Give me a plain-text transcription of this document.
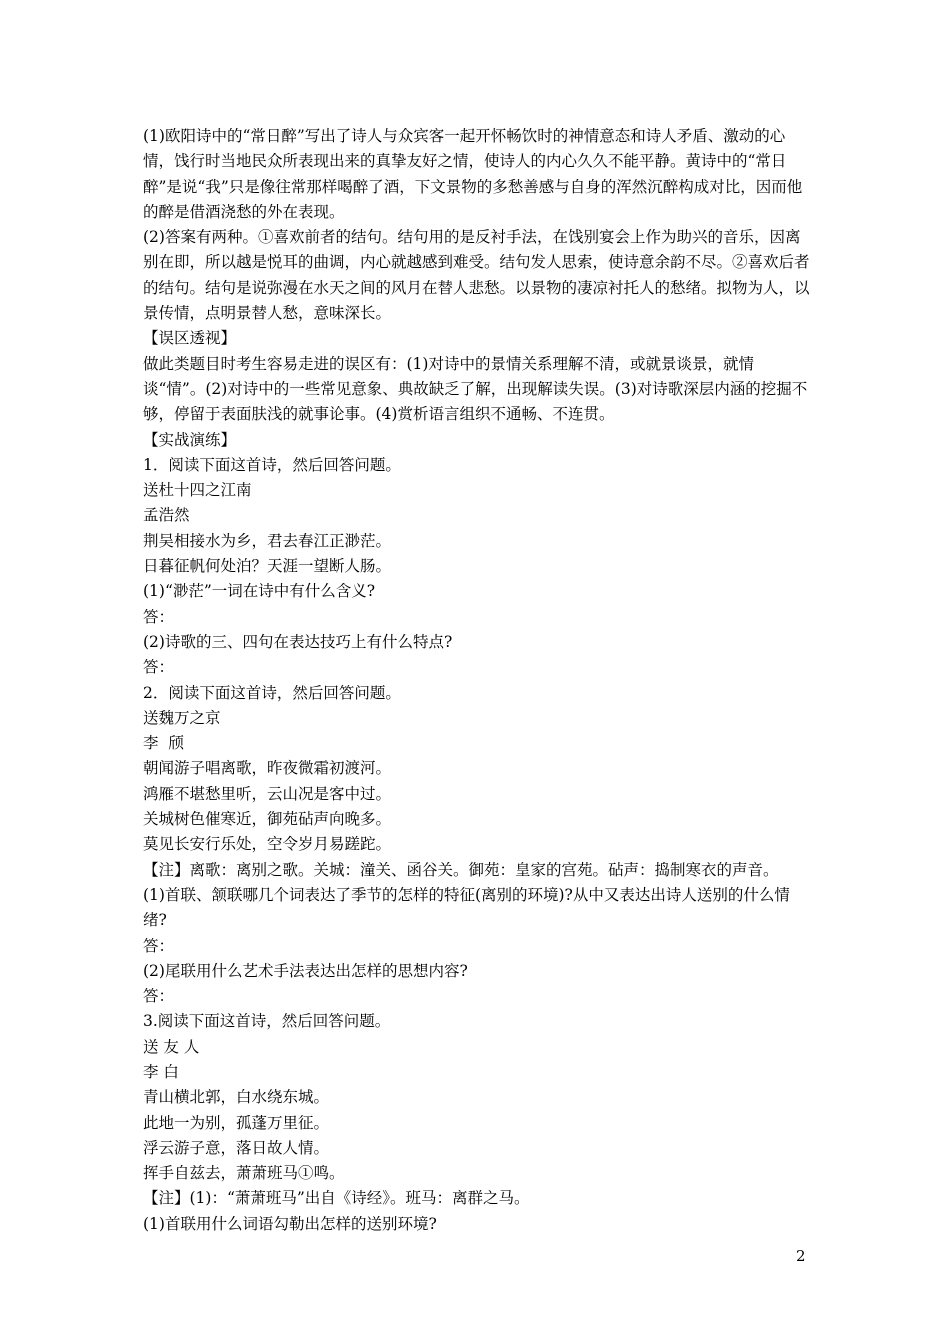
(1)欧阳诗中的“常日醉”写出了诗人与众宾客一起开怀畅饮时的神情意态和诗人矛盾、激动的心情，饯行时当地民众所表现出来的真挚友好之情，使诗人的内心久久不能平静。黄诗中的“常日醉”是说“我”只是像往常那样喝醉了酒，下文景物的多愁善感与自身的浑然沉醉构成对比，因而他的醉是借酒浇愁的外在表现。

(2)答案有两种。①喜欢前者的结句。结句用的是反衬手法，在饯别宴会上作为助兴的音乐，因离别在即，所以越是悦耳的曲调，内心就越感到难受。结句发人思索，使诗意余韵不尽。②喜欢后者的结句。结句是说弥漫在水天之间的风月在替人悲愁。以景物的凄凉衬托人的愁绪。拟物为人，以景传情，点明景替人愁，意味深长。

【误区透视】

做此类题目时考生容易走进的误区有：(1)对诗中的景情关系理解不清，或就景谈景，就情谈“情”。(2)对诗中的一些常见意象、典故缺乏了解，出现解读失误。(3)对诗歌深层内涵的挖掘不够，停留于表面肤浅的就事论事。(4)赏析语言组织不通畅、不连贯。

【实战演练】

1．阅读下面这首诗，然后回答问题。

送杜十四之江南

孟浩然

荆吴相接水为乡，君去春江正渺茫。

日暮征帆何处泊？天涯一望断人肠。

(1)“渺茫”一词在诗中有什么含义?

答：

(2)诗歌的三、四句在表达技巧上有什么特点?

答：

2．阅读下面这首诗，然后回答问题。

送魏万之京

李  颀

朝闻游子唱离歌，昨夜微霜初渡河。

鸿雁不堪愁里听，云山况是客中过。

关城树色催寒近，御苑砧声向晚多。

莫见长安行乐处，空令岁月易蹉跎。

【注】离歌：离别之歌。关城：潼关、函谷关。御苑：皇家的宫苑。砧声：捣制寒衣的声音。

(1)首联、颔联哪几个词表达了季节的怎样的特征(离别的环境)?从中又表达出诗人送别的什么情绪?

答：

(2)尾联用什么艺术手法表达出怎样的思想内容?

答：

3.阅读下面这首诗，然后回答问题。

送 友 人

李 白

青山横北郭，白水绕东城。

此地一为别，孤蓬万里征。

浮云游子意，落日故人情。

挥手自兹去，萧萧班马①鸣。

【注】(1)：“萧萧班马”出自《诗经》。班马：离群之马。

(1)首联用什么词语勾勒出怎样的送别环境?

2
